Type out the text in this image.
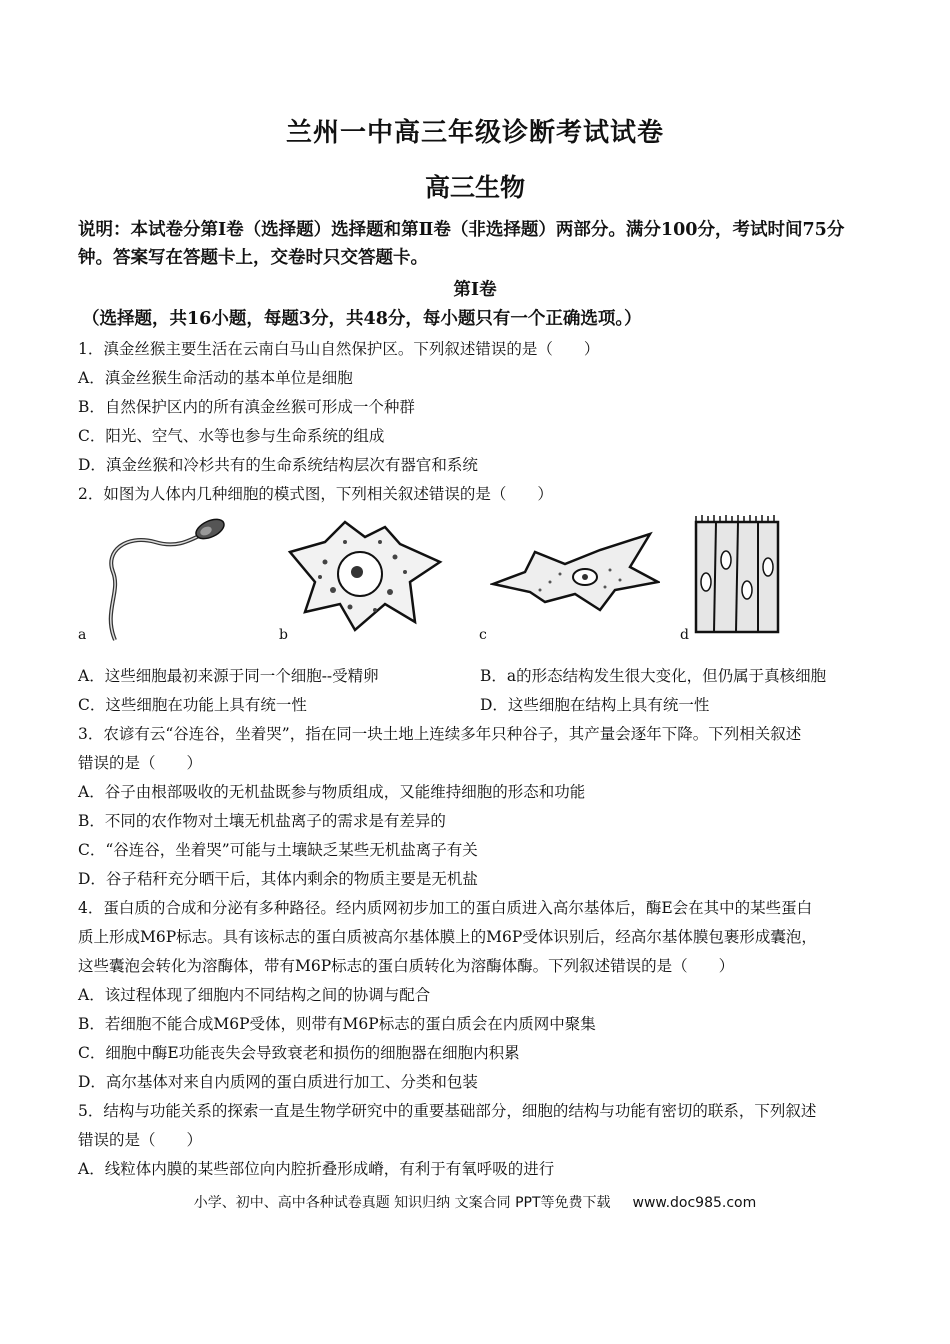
兰州一中高三年级诊断考试试卷
高三生物
说明：本试卷分第Ⅰ卷（选择题）选择题和第Ⅱ卷（非选择题）两部分。满分100分，考试时间75分钟。答案写在答题卡上，交卷时只交答题卡。
第Ⅰ卷
（选择题，共16小题，每题3分，共48分，每小题只有一个正确选项。）
1．滇金丝猴主要生活在云南白马山自然保护区。下列叙述错误的是（　　）
A．滇金丝猴生命活动的基本单位是细胞
B．自然保护区内的所有滇金丝猴可形成一个种群
C．阳光、空气、水等也参与生命系统的组成
D．滇金丝猴和冷杉共有的生命系统结构层次有器官和系统
2．如图为人体内几种细胞的模式图，下列相关叙述错误的是（　　）
a	b	c	d
A．这些细胞最初来源于同一个细胞--受精卵	B．a的形态结构发生很大变化，但仍属于真核细胞
C．这些细胞在功能上具有统一性	D．这些细胞在结构上具有统一性
3．农谚有云“谷连谷，坐着哭”，指在同一块土地上连续多年只种谷子，其产量会逐年下降。下列相关叙述
错误的是（　　）
A．谷子由根部吸收的无机盐既参与物质组成，又能维持细胞的形态和功能
B．不同的农作物对土壤无机盐离子的需求是有差异的
C．“谷连谷，坐着哭”可能与土壤缺乏某些无机盐离子有关
D．谷子秸秆充分晒干后，其体内剩余的物质主要是无机盐
4．蛋白质的合成和分泌有多种路径。经内质网初步加工的蛋白质进入高尔基体后，酶E会在其中的某些蛋白
质上形成M6P标志。具有该标志的蛋白质被高尔基体膜上的M6P受体识别后，经高尔基体膜包裹形成囊泡，
这些囊泡会转化为溶酶体，带有M6P标志的蛋白质转化为溶酶体酶。下列叙述错误的是（　　）
A．该过程体现了细胞内不同结构之间的协调与配合
B．若细胞不能合成M6P受体，则带有M6P标志的蛋白质会在内质网中聚集
C．细胞中酶E功能丧失会导致衰老和损伤的细胞器在细胞内积累
D．高尔基体对来自内质网的蛋白质进行加工、分类和包装
5．结构与功能关系的探索一直是生物学研究中的重要基础部分，细胞的结构与功能有密切的联系，下列叙述
错误的是（　　）
A．线粒体内膜的某些部位向内腔折叠形成嵴，有利于有氧呼吸的进行
小学、初中、高中各种试卷真题 知识归纳 文案合同 PPT等免费下载 www.doc985.com
